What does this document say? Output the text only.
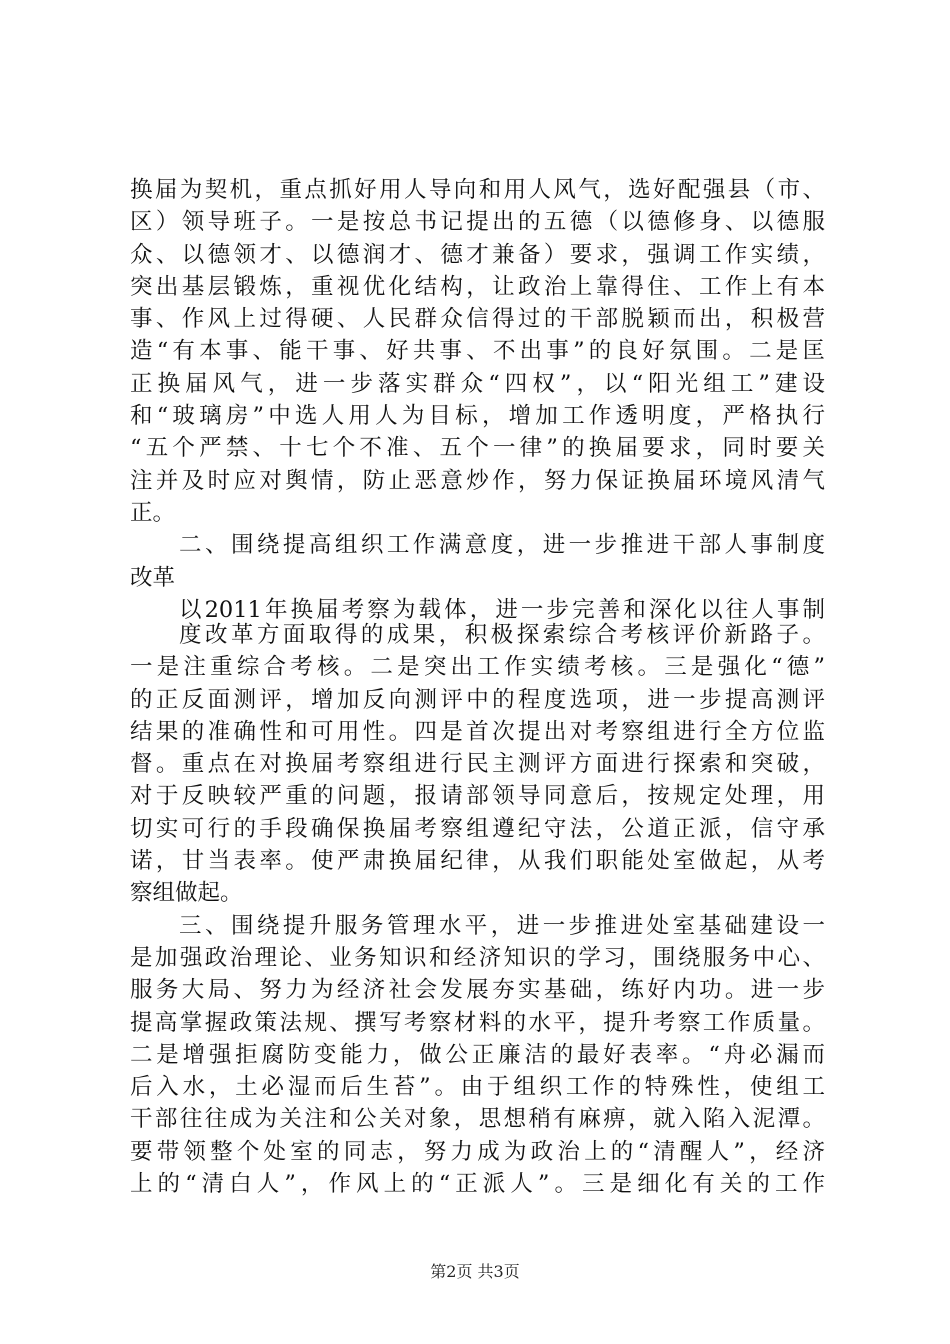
换届为契机，重点抓好用人导向和用人风气，选好配强县（市、
区）领导班子。一是按总书记提出的五德（以德修身、以德服
众、以德领才、以德润才、德才兼备）要求，强调工作实绩，
突出基层锻炼，重视优化结构，让政治上靠得住、工作上有本
事、作风上过得硬、人民群众信得过的干部脱颖而出，积极营
造“有本事、能干事、好共事、不出事”的良好氛围。二是匡
正换届风气，进一步落实群众“四权”，以“阳光组工”建设
和“玻璃房”中选人用人为目标，增加工作透明度，严格执行
“五个严禁、十七个不准、五个一律”的换届要求，同时要关
注并及时应对舆情，防止恶意炒作，努力保证换届环境风清气
正。
二、围绕提高组织工作满意度，进一步推进干部人事制度
改革
以2011年换届考察为载体，进一步完善和深化以往人事制
度改革方面取得的成果，积极探索综合考核评价新路子。
一是注重综合考核。二是突出工作实绩考核。三是强化“德”
的正反面测评，增加反向测评中的程度选项，进一步提高测评
结果的准确性和可用性。四是首次提出对考察组进行全方位监
督。重点在对换届考察组进行民主测评方面进行探索和突破，
对于反映较严重的问题，报请部领导同意后，按规定处理，用
切实可行的手段确保换届考察组遵纪守法，公道正派，信守承
诺，甘当表率。使严肃换届纪律，从我们职能处室做起，从考
察组做起。
三、围绕提升服务管理水平，进一步推进处室基础建设一
是加强政治理论、业务知识和经济知识的学习，围绕服务中心、
服务大局、努力为经济社会发展夯实基础，练好内功。进一步
提高掌握政策法规、撰写考察材料的水平，提升考察工作质量。
二是增强拒腐防变能力，做公正廉洁的最好表率。“舟必漏而
后入水，土必湿而后生苔”。由于组织工作的特殊性，使组工
干部往往成为关注和公关对象，思想稍有麻痹，就入陷入泥潭。
要带领整个处室的同志，努力成为政治上的“清醒人”，经济
上的“清白人”，作风上的“正派人”。三是细化有关的工作
第2页 共3页
